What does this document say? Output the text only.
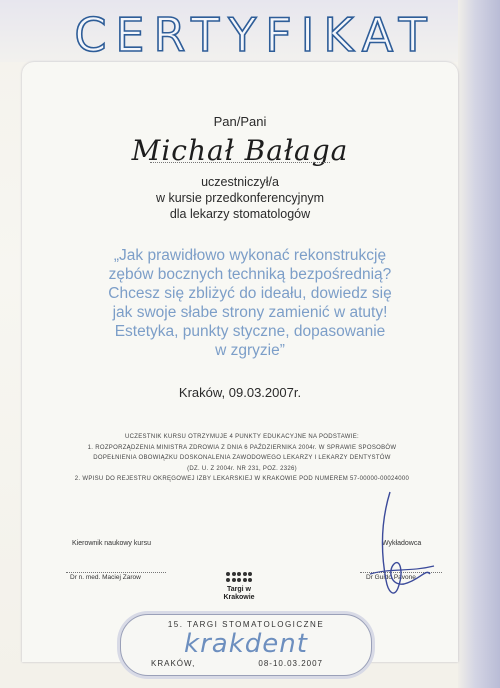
CERTYFIKAT
Pan/Pani
Michał Bałaga
uczestniczył/a
w kursie przedkonferencyjnym
dla lekarzy stomatologów
„Jak prawidłowo wykonać rekonstrukcję
zębów bocznych techniką bezpośrednią?
Chcesz się zbliżyć do ideału, dowiedz się
jak swoje słabe strony zamienić w atuty!
Estetyka, punkty styczne, dopasowanie
w zgryzie”
Kraków, 09.03.2007r.
UCZESTNIK KURSU OTRZYMUJE 4 PUNKTY EDUKACYJNE NA PODSTAWIE:
1. ROZPORZĄDZENIA MINISTRA ZDROWIA Z DNIA 6 PAŹDZIERNIKA 2004r. W SPRAWIE SPOSOBÓW
DOPEŁNIENIA OBOWIĄZKU DOSKONALENIA ZAWODOWEGO LEKARZY I LEKARZY DENTYSTÓW
(DZ. U. Z 2004r. NR 231, POZ. 2326)
2. WPISU DO REJESTRU OKRĘGOWEJ IZBY LEKARSKIEJ W KRAKOWIE POD NUMEREM 57-00000-00024000
Kierownik naukowy kursu
Dr n. med. Maciej Zarow
Wykładowca
Dr Guido Pavone
Targi w Krakowie
15. TARGI STOMATOLOGICZNE
krakdent
KRAKÓW,	08-10.03.2007
